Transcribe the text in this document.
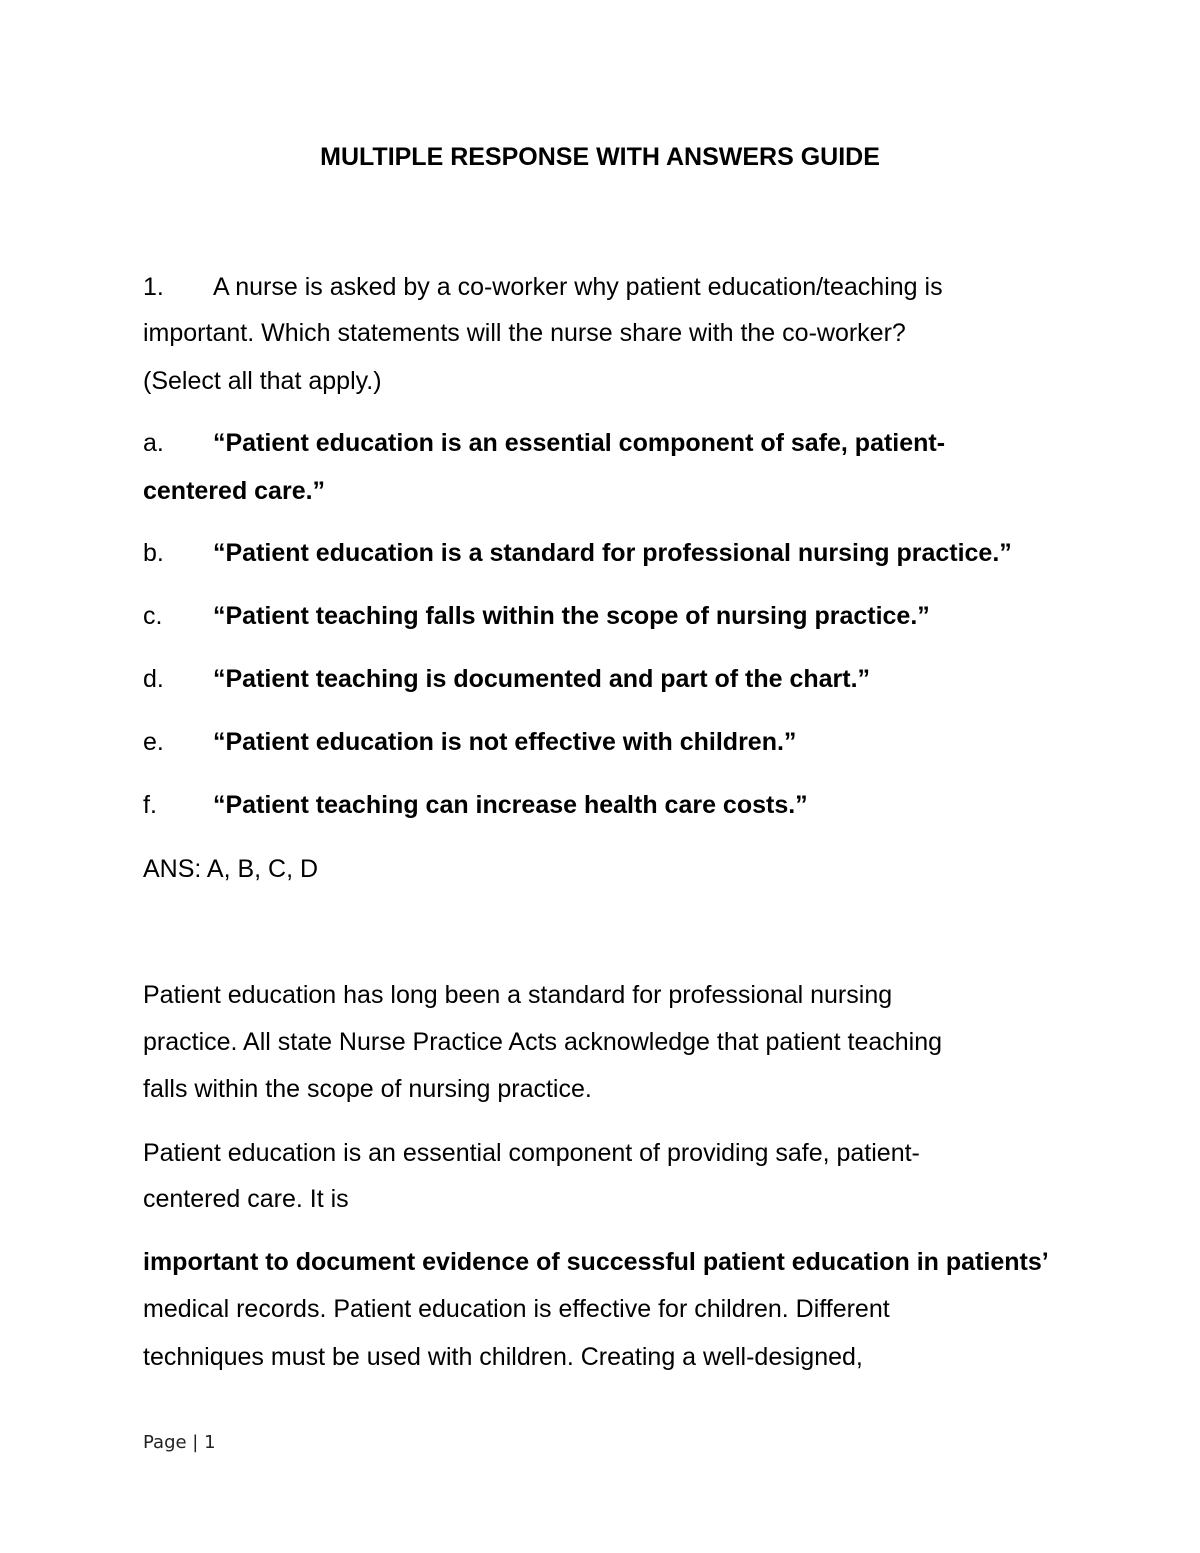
MULTIPLE RESPONSE WITH ANSWERS GUIDE
1. A nurse is asked by a co-worker why patient education/teaching is
important. Which statements will the nurse share with the co-worker?
(Select all that apply.)
a. “Patient education is an essential component of safe, patient-
centered care.”
b. “Patient education is a standard for professional nursing practice.”
c. “Patient teaching falls within the scope of nursing practice.”
d. “Patient teaching is documented and part of the chart.”
e. “Patient education is not effective with children.”
f. “Patient teaching can increase health care costs.”
ANS: A, B, C, D
Patient education has long been a standard for professional nursing
practice. All state Nurse Practice Acts acknowledge that patient teaching
falls within the scope of nursing practice.
Patient education is an essential component of providing safe, patient-
centered care. It is
important to document evidence of successful patient education in patients’
medical records. Patient education is effective for children. Different
techniques must be used with children. Creating a well-designed,
Page | 1
